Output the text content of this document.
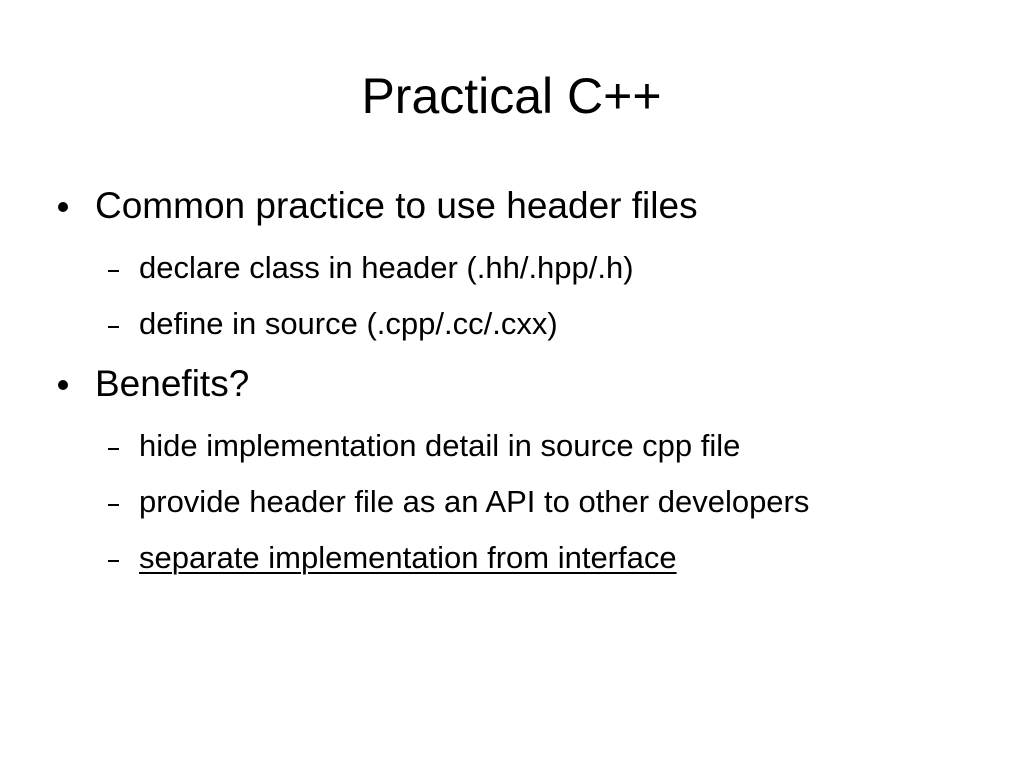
Practical C++
Common practice to use header files
declare class in header (.hh/.hpp/.h)
define in source (.cpp/.cc/.cxx)
Benefits?
hide implementation detail in source cpp file
provide header file as an API to other developers
separate implementation from interface
